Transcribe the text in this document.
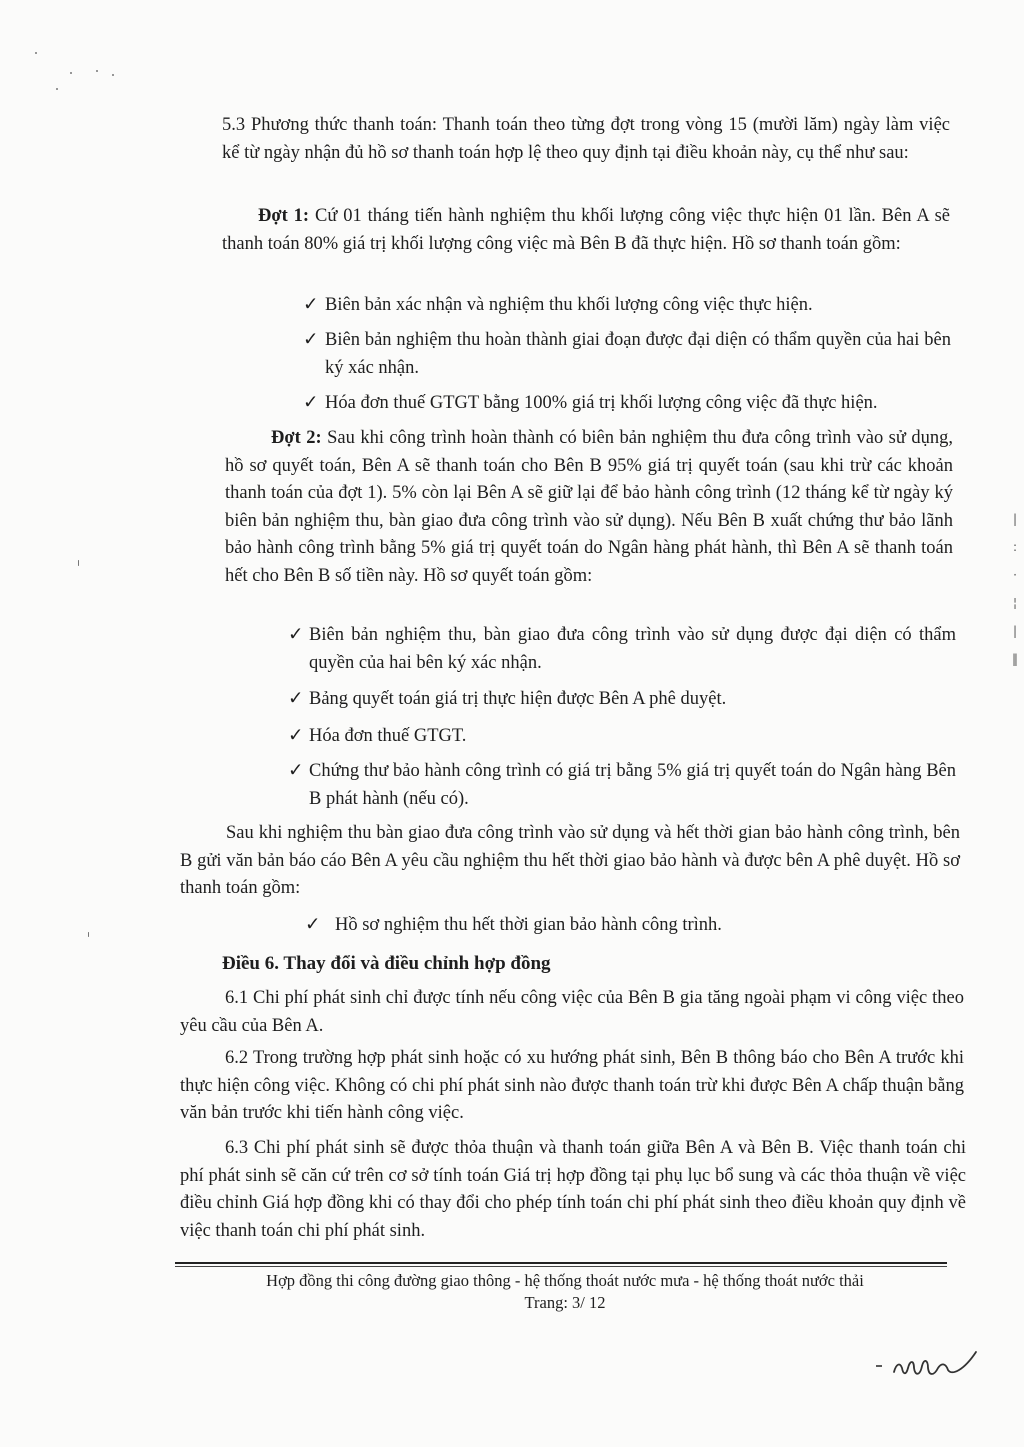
5.3 Phương thức thanh toán: Thanh toán theo từng đợt trong vòng 15 (mười lăm) ngày làm việc kể từ ngày nhận đủ hồ sơ thanh toán hợp lệ theo quy định tại điều khoản này, cụ thể như sau:

Đợt 1: Cứ 01 tháng tiến hành nghiệm thu khối lượng công việc thực hiện 01 lần. Bên A sẽ thanh toán 80% giá trị khối lượng công việc mà Bên B đã thực hiện. Hồ sơ thanh toán gồm:

✓ Biên bản xác nhận và nghiệm thu khối lượng công việc thực hiện.
✓ Biên bản nghiệm thu hoàn thành giai đoạn được đại diện có thẩm quyền của hai bên ký xác nhận.
✓ Hóa đơn thuế GTGT bằng 100% giá trị khối lượng công việc đã thực hiện.

Đợt 2: Sau khi công trình hoàn thành có biên bản nghiệm thu đưa công trình vào sử dụng, hồ sơ quyết toán, Bên A sẽ thanh toán cho Bên B 95% giá trị quyết toán (sau khi trừ các khoản thanh toán của đợt 1). 5% còn lại Bên A sẽ giữ lại để bảo hành công trình (12 tháng kể từ ngày ký biên bản nghiệm thu, bàn giao đưa công trình vào sử dụng). Nếu Bên B xuất chứng thư bảo lãnh bảo hành công trình bằng 5% giá trị quyết toán do Ngân hàng phát hành, thì Bên A sẽ thanh toán hết cho Bên B số tiền này. Hồ sơ quyết toán gồm:

✓ Biên bản nghiệm thu, bàn giao đưa công trình vào sử dụng được đại diện có thẩm quyền của hai bên ký xác nhận.
✓ Bảng quyết toán giá trị thực hiện được Bên A phê duyệt.
✓ Hóa đơn thuế GTGT.
✓ Chứng thư bảo hành công trình có giá trị bằng 5% giá trị quyết toán do Ngân hàng Bên B phát hành (nếu có).

Sau khi nghiệm thu bàn giao đưa công trình vào sử dụng và hết thời gian bảo hành công trình, bên B gửi văn bản báo cáo Bên A yêu cầu nghiệm thu hết thời giao bảo hành và được bên A phê duyệt. Hồ sơ thanh toán gồm:

✓ Hồ sơ nghiệm thu hết thời gian bảo hành công trình.
Điều 6. Thay đổi và điều chỉnh hợp đồng

6.1 Chi phí phát sinh chỉ được tính nếu công việc của Bên B gia tăng ngoài phạm vi công việc theo yêu cầu của Bên A.

6.2 Trong trường hợp phát sinh hoặc có xu hướng phát sinh, Bên B thông báo cho Bên A trước khi thực hiện công việc. Không có chi phí phát sinh nào được thanh toán trừ khi được Bên A chấp thuận bằng văn bản trước khi tiến hành công việc.

6.3 Chi phí phát sinh sẽ được thỏa thuận và thanh toán giữa Bên A và Bên B. Việc thanh toán chi phí phát sinh sẽ căn cứ trên cơ sở tính toán Giá trị hợp đồng tại phụ lục bổ sung và các thỏa thuận về việc điều chỉnh Giá hợp đồng khi có thay đổi cho phép tính toán chi phí phát sinh theo điều khoản quy định về việc thanh toán chi phí phát sinh.

Hợp đồng thi công đường giao thông - hệ thống thoát nước mưa - hệ thống thoát nước thải
Trang: 3/ 12
|
:
·
¦
|
‖
